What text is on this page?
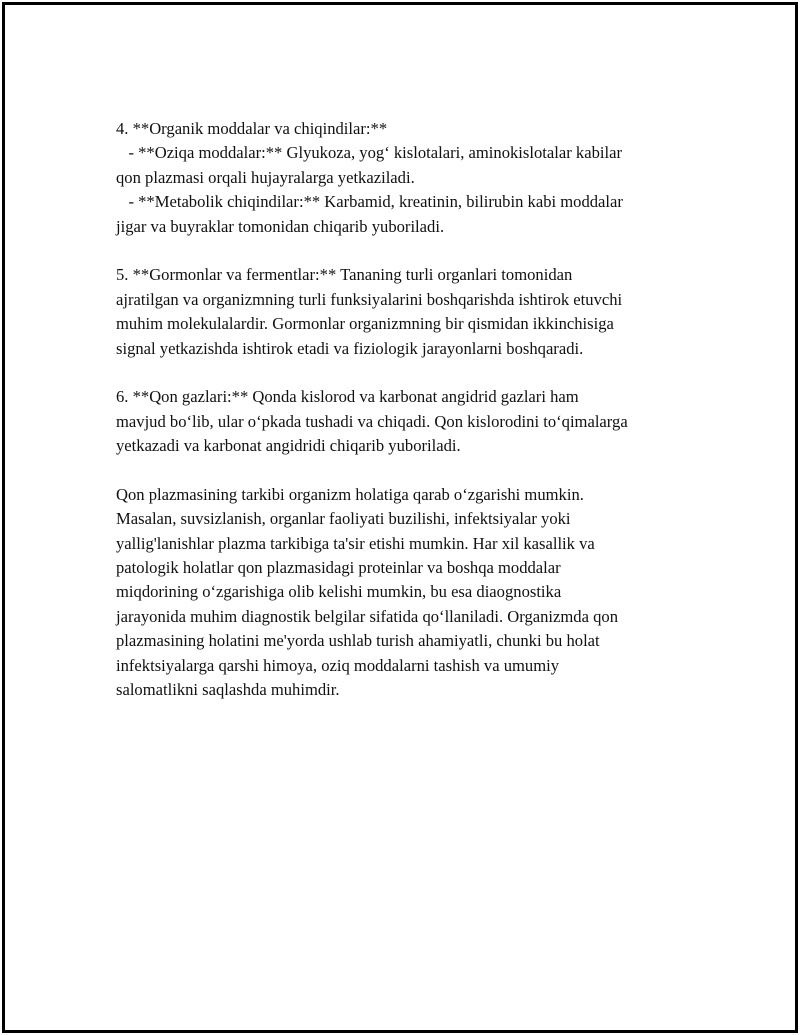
4. **Organik moddalar va chiqindilar:**
- **Oziqa moddalar:** Glyukoza, yog‘ kislotalari, aminokislotalar kabilar
qon plazmasi orqali hujayralarga yetkaziladi.
- **Metabolik chiqindilar:** Karbamid, kreatinin, bilirubin kabi moddalar
jigar va buyraklar tomonidan chiqarib yuboriladi.
5. **Gormonlar va fermentlar:** Tananing turli organlari tomonidan
ajratilgan va organizmning turli funksiyalarini boshqarishda ishtirok etuvchi
muhim molekulalardir. Gormonlar organizmning bir qismidan ikkinchisiga
signal yetkazishda ishtirok etadi va fiziologik jarayonlarni boshqaradi.
6. **Qon gazlari:** Qonda kislorod va karbonat angidrid gazlari ham
mavjud bo‘lib, ular o‘pkada tushadi va chiqadi. Qon kislorodini to‘qimalarga
yetkazadi va karbonat angidridi chiqarib yuboriladi.
Qon plazmasining tarkibi organizm holatiga qarab o‘zgarishi mumkin.
Masalan, suvsizlanish, organlar faoliyati buzilishi, infektsiyalar yoki
yallig'lanishlar plazma tarkibiga ta'sir etishi mumkin. Har xil kasallik va
patologik holatlar qon plazmasidagi proteinlar va boshqa moddalar
miqdorining o‘zgarishiga olib kelishi mumkin, bu esa diaognostika
jarayonida muhim diagnostik belgilar sifatida qo‘llaniladi. Organizmda qon
plazmasining holatini me'yorda ushlab turish ahamiyatli, chunki bu holat
infektsiyalarga qarshi himoya, oziq moddalarni tashish va umumiy
salomatlikni saqlashda muhimdir.
